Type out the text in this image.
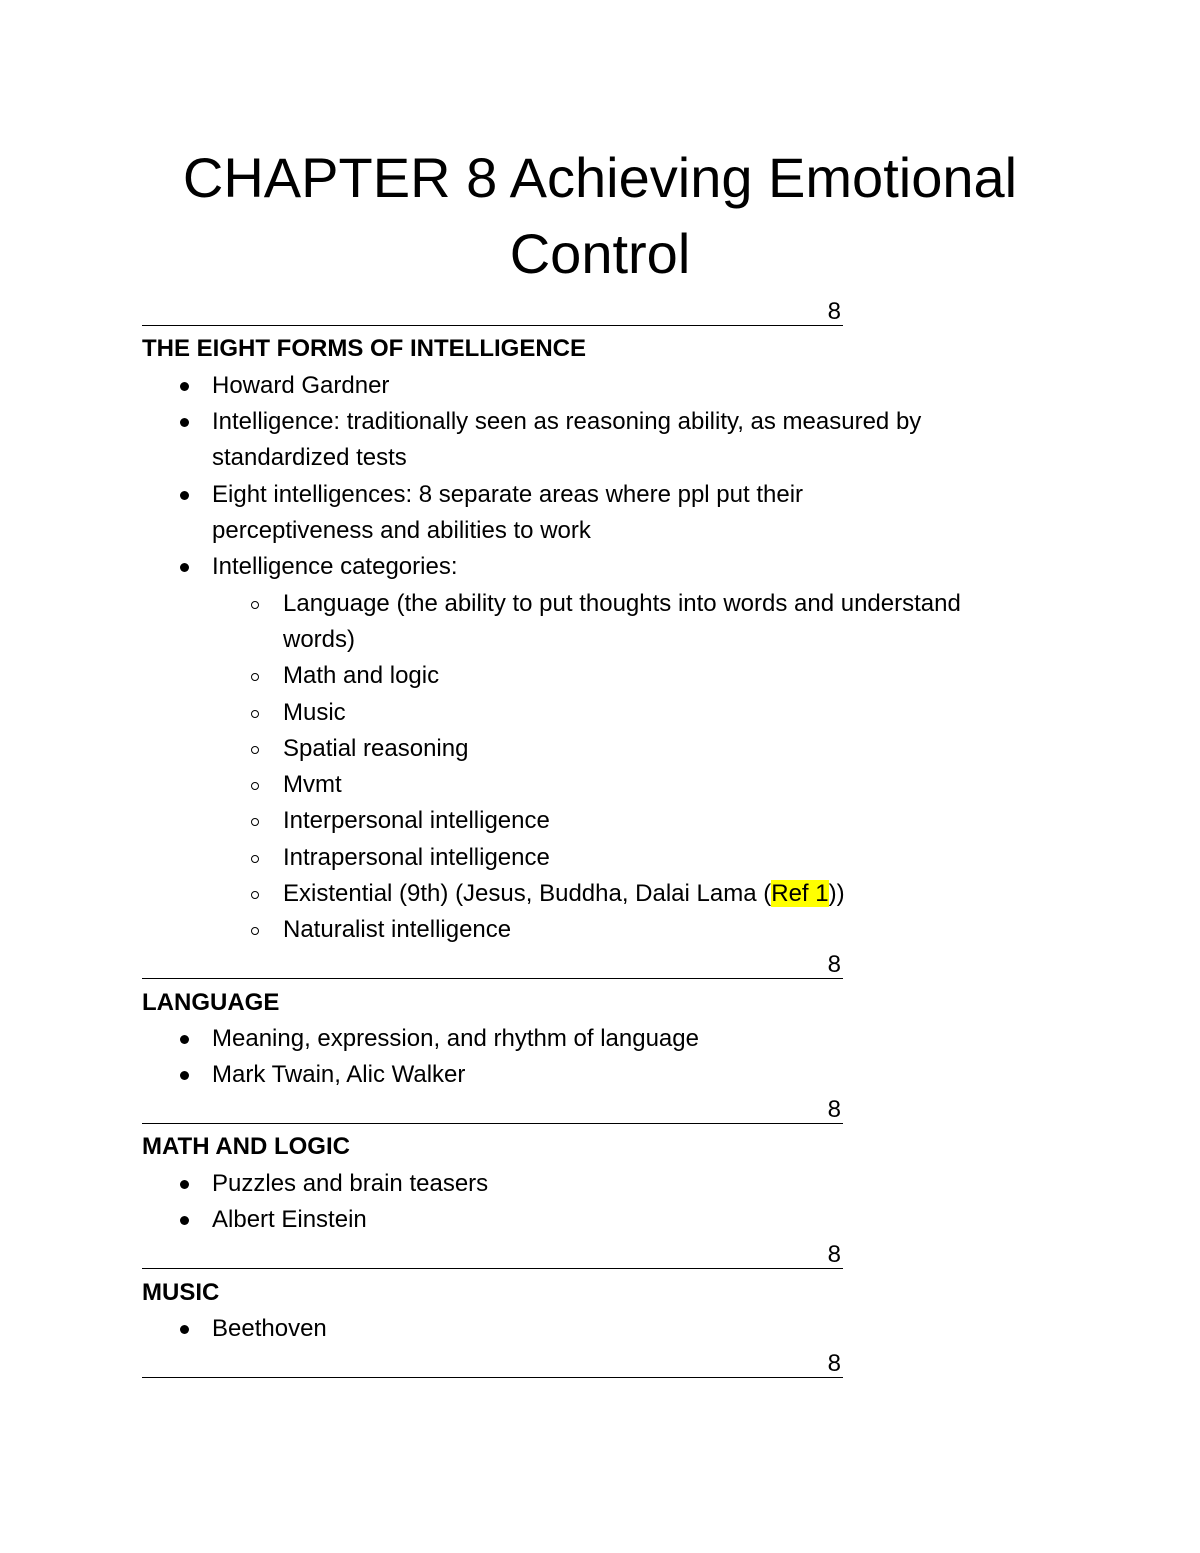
CHAPTER 8 Achieving Emotional
Control
8
THE EIGHT FORMS OF INTELLIGENCE
Howard Gardner
Intelligence: traditionally seen as reasoning ability, as measured by
standardized tests
Eight intelligences: 8 separate areas where ppl put their
perceptiveness and abilities to work
Intelligence categories:
Language (the ability to put thoughts into words and understand
words)
Math and logic
Music
Spatial reasoning
Mvmt
Interpersonal intelligence
Intrapersonal intelligence
Existential (9th) (Jesus, Buddha, Dalai Lama (Ref 1))
Naturalist intelligence
8
LANGUAGE
Meaning, expression, and rhythm of language
Mark Twain, Alic Walker
8
MATH AND LOGIC
Puzzles and brain teasers
Albert Einstein
8
MUSIC
Beethoven
8
